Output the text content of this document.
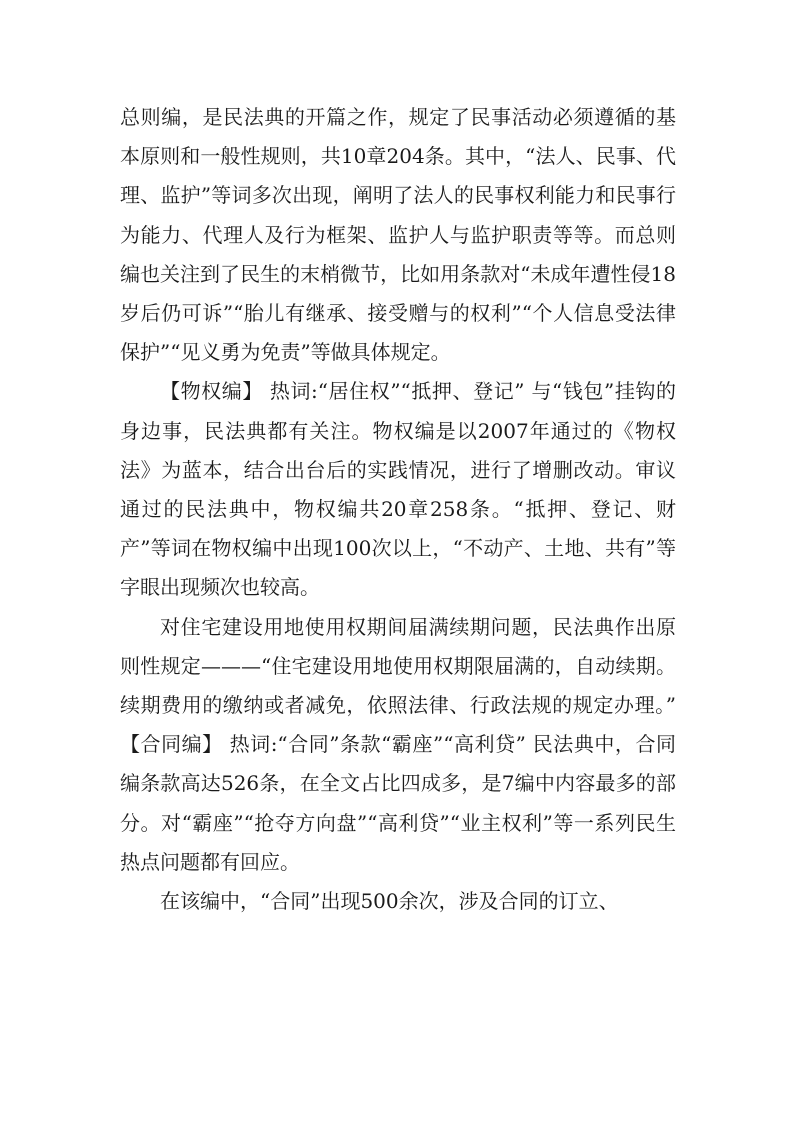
总则编，是民法典的开篇之作，规定了民事活动必须遵循的基本原则和一般性规则，共10章204条。其中，“法人、民事、代理、监护”等词多次出现，阐明了法人的民事权利能力和民事行为能力、代理人及行为框架、监护人与监护职责等等。而总则编也关注到了民生的末梢微节，比如用条款对“未成年遭性侵18岁后仍可诉”“胎儿有继承、接受赠与的权利”“个人信息受法律保护”“见义勇为免责”等做具体规定。

【物权编】 热词:“居住权”“抵押、登记” 与“钱包”挂钩的身边事，民法典都有关注。物权编是以2007年通过的《物权法》为蓝本，结合出台后的实践情况，进行了增删改动。审议通过的民法典中，物权编共20章258条。“抵押、登记、财产”等词在物权编中出现100次以上，“不动产、土地、共有”等字眼出现频次也较高。

对住宅建设用地使用权期间届满续期问题，民法典作出原则性规定———“住宅建设用地使用权期限届满的，自动续期。续期费用的缴纳或者减免，依照法律、行政法规的规定办理。” 【合同编】 热词:“合同”条款“霸座”“高利贷” 民法典中，合同编条款高达526条，在全文占比四成多，是7编中内容最多的部分。对“霸座”“抢夺方向盘”“高利贷”“业主权利”等一系列民生热点问题都有回应。

在该编中，“合同”出现500余次，涉及合同的订立、
